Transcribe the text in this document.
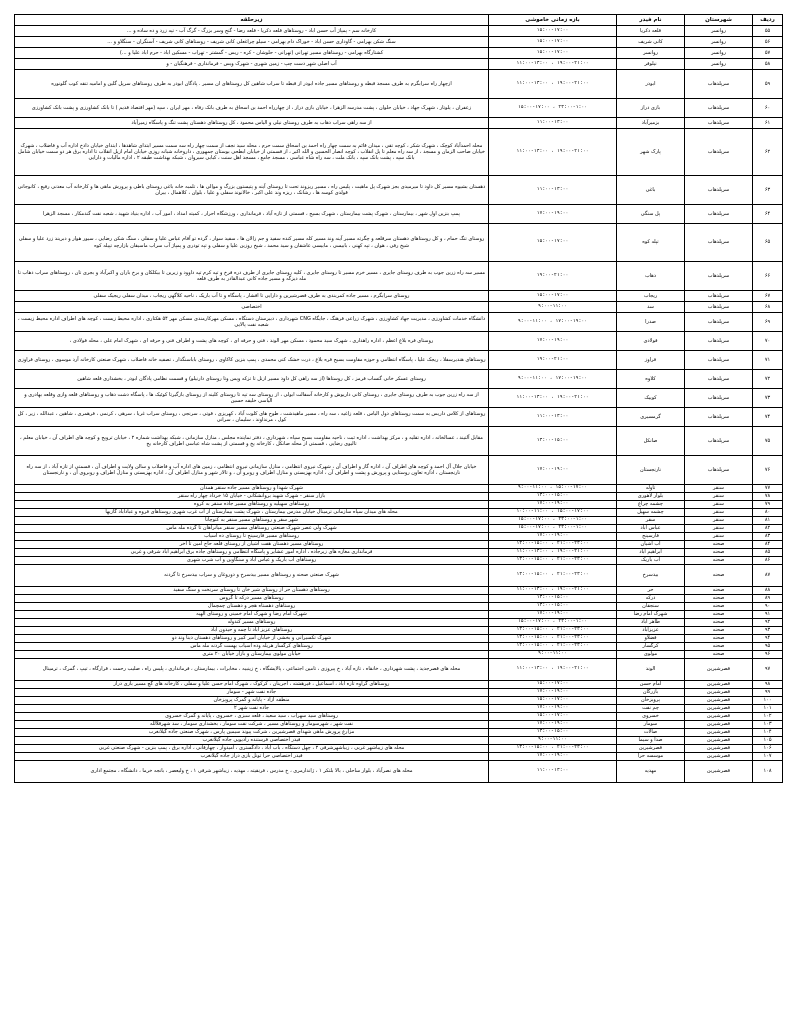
ردیف	شهرستان	نام فیدر	بازه زمانی خاموشی	زیرحلقه
۵۵	روانسر	قلعه ذکریا	۱۵:۰۰-۱۷:۰۰	کارخانه سم - پمپاژ آب حسن اباد - روستاهای قلعه ذکریا - قلعه رضا - گنج وسر بزرگ - گرگ آب - تپه زرد و ده ساده و ...
۵۶	روانسر	کانی شریف	۱۵:۰۰-۱۷:۰۰	سنگ شکن بهرامی - گاوداری حسن اباد - خوراک دام بهرامی - سیلو چراغعلی کانی شریف - روستاهای کانی شریف - آسنگران - سنگلاو و ...
۵۷	روانسر	روانسر	۱۵:۰۰-۱۷:۰۰	کشتارگاه بهرامی - روستاهای مسیر تهرانی (تهرانی - حلوشان - کره - ریس - گمشتر - تهراب - مسکین اباد - حرم اباد علیا و ...)
۵۸	روانسر	نیلوفر	۱۱:۰۰-۱۳:۰۰ ، ۱۹:۰۰-۲۱:۰۰	آب اصلی شهر دست چپ - زمین شهری - شهرک ویس - فرمانداری - فرهنگیان - و
۵۹	سرپلذهاب	ابوذر	۱۱:۰۰-۱۳:۰۰ ، ۱۹:۰۰-۲۱:۰۰	ازچهار راه سرابگرم به طرف مسجد قبطه و روستاهای مسیر جاده ابوذر از قبطه تا سراب شاهین کل روستاهای ان مسیر . پادگان ابوذر به طرف روستاهای سرپل گلین و امامیه تنقه کوب گلونوره
۶۰	سرپلذهاب	بازی دراز	۱۵:۰۰-۱۷:۰۰ ، ۲۳:۰۰-۱:۰۰	زعفران ، یلوتار ، شهرک جهاد ، خیابان حلوان ، پشت مدرسه الزهرا ، خیابان بازی دراز ، از چهارراه احمد بن اسحاق به طرف بانک رفاه ، مهر ایران ، سپه (مهر اقتصاد قدیم ) تا بانک کشاورزی و پشت بانک کشاورزی
۶۱	سرپلذهاب	بزمیرآباد	۱۱:۰۰-۱۳:۰۰	از سه راهی سراب ذهاب به طرف روستای نیلی و الیاس محمود ، کل روستاهای دهستان پشت تنگ و پاسگاه زمیرآباد
۶۲	سرپلذهاب	پارک شهر	۱۱:۰۰-۱۳:۰۰ ، ۱۹:۰۰-۲۱:۰۰	محله احمدآباد کوچک ، شهرک شکر ، کوچه تقی ، میدان قائم به سمت چهار راه احمد بن اسحاق سمت حرم ، محله سید نجف از سمت چهار راه سه سمت مسیر ابتدای شاهدها ، ابتدای خیابان دادخ اداره آب و فاضلاب ، شهرک خیابان صاحب الزمان و مسجد ، از سه راه معلم تا پل انقلاب ، کوچه انصار الحسین و الله اکبر ، از قسمتی از خیابان ابطحی بوستان جمهوری ، داروخانه شبانه روزی خیابان امام ازپل انقلاب تا اداره برق هر دو سمت خیابان شامل بانک سپه ، پشت بانک سپه ، بانک ملت ، سه راه شاه عباسی ، مسجد جامع ، مسجد اهل سنت ، کبابی سیروان ، شبکه بهداشت طبقه ۲ ، اداره مالیات و دارایی
۶۳	سرپلذهاب	باغی	۱۱:۰۰-۱۳:۰۰	دهستان بشیوه مسیر کل داود تا میرمیدی بجز شهرک پل ماهیت ، پلیس راه ، مسیر ریزوند تحت تا روستای آینه و پتیستون بزرگ و موالی ها ، تلمبه خانه باغی روستای باطی و پرورش ماهی ها و کارخانه آب معدنی رفیع ، کانوجانی قولدی کوسه ها ، رشانک ، ریزه وند علی اکبر ، خالانوند سفلی و علیا ، بلوان ، کلاهمال ، بیران
۶۴	سرپلذهاب	پل سنگی	۱۷:۰۰-۱۹:۰۰	پمپ بنزین اول شهر ، بیمارستان ، شهرک پشت بیمارستان ، شهرک بسیج ، قسمتی از تازه آباد ، فرمانداری ، ورزشگاه احرار ، کمیته امداد ، امور آب ، اداره بنیاد شهید ، شعبه نفت گندمکار ، مسجد الزهرا
۶۵	سرپلذهاب	تپله کوه	۱۵:۰۰-۱۷:۰۰	روستای تنگ حمام ، و کل روستاهای دهستان سرقلعه و چگرته مسیر آینه وند مسیر کله مسیر کنده سفید و جم زالان ها ، سفید سوار ، گرده تو آفام عباس علیا و سفلی ، سنگ شکن رضایی ، سیور هوار و دبریند زرد علیا و سفلی شیخ رفی ، هوان ، تپه کهنی ، بابیسی ، مابیسی عاشقان و سید محمد ، شیخ روزبن علیا و سفلی و تپه تودری و پمپاژ آب سراب ماسیقان بازارچه تپیله کوه
۶۶	سرپلذهاب	ذهاب	۱۹:۰۰-۲۱:۰۰	مسیر سه راه زرین جوب به طرف روستای جایری ، مسیر خرم مسیر تا روستای جایری ، کلیه روستای جایری از طرف دره فرخ و تپه کرم تپه داوود و زیرین تا بیکلکان و برخ باران و اکبرآباد و بجری تان ، روستاهای سراب ذهاب تا مله دیزگه و مسیر جاده کانی عبدالقادر به طرف قلعه
۶۷	سرپلذهاب	ریجاب	۱۵:۰۰-۱۷:۰۰	روستای سرابگرم ، مسیر جاده کمربندی به طرف قصرشیرین و دارایی تا افشار ، پاسگاه و تا آب باریک ، ناحیه کلاگهی ریجاب ، میدان سفلی ریجیک سفلی
۶۸	سرپلذهاب	سد	۹:۰۰-۱۱:۰۰	اختصاصی
۶۹	سرپلذهاب	صدرا	۹:۰۰-۱۱:۰۰ ، ۱۷:۰۰-۱۹:۰۰	دانشگاه خدمات کشاورزی ، مدیریت جهاد کشاورزی ، شهرک زراعی فرهنگ ، جایگاه CNG شهرداری ، دبیرستان دستگاه ، مسکن مهرکارمندی مسکن مهر ۵۴ هکتاری ، اداره محیط زیست ، کوچه های اطراف اداره محیط زیست ، شعبه نفت پالایی
۷۰	سرپلذهاب	فولادی	۱۷:۰۰-۱۹:۰۰	روستای فره بلاغ اعظم ، اداره راهداری ، شهرک سید محمود ، مسکن مهر الوند ، فنی و حرفه ای ، کوچه های پشت و اطراف فنی و حرفه ای ، شهرک امام علی ، محله فولادی ،
۷۱	سرپلذهاب	فراوز	۱۹:۰۰-۲۱:۰۰	روستاهای هندیرسفلا ، ریجک علیا ، پاسگاه انتظامی و حوزه مقاومت بسیج فره بلاغ ، درت خشک کنی محمدی ، پمپ بنزین کاکاوی ، روستای باباسنگدار ، تصفیه خانه فاضلاب ، شهرک صنعتی کارخانه آرد موسوی ، روستای فراوزی
۷۲	سرپلذهاب	کلاوه	۹:۰۰-۱۱:۰۰ ، ۱۷:۰۰-۱۹:۰۰	روستای عسکر خانی گنساب فرمز ، کل روستاها (از سه راهی کل داود مسیر ازنل تا تزکه ویس وتا روستای دارنیلو) و قسمت نظامی پادگان ابوذر ، بخشداری قلعه شاهین
۷۳	سرپلذهاب	کوییک	۱۱:۰۰-۱۳:۰۰ ، ۱۹:۰۰-۲۱:۰۰	از سه راه زرین جوب به طرف روستای جایری ، روستای کانی داریوش و کارخانه آسفالت ابولی ، از روستای سه تپه تا روستای کلینه از روستای بازگیرتا کوئیک ها ، پاسگاه دشت ذهاب و روستاهای قلعه وازی وقلعه بهادری و الیاسی خلیفه حسین
۷۴	سرپلذهاب	گرمسیری	۱۱:۰۰-۱۳:۰۰	روستاهای از کلاس داریس به سمت روستاهای دول الیاس ، قلعه زاغیه ، سه راه ، مسیر ماهیدشت ، طوح های کلوت آباد ، کهریزی ، قوتی ، سرنجی ، روستای سراب غربا ، سرهی ، کرنمی ، فرهمری ، شاهین ، عبدالله ، زیر ، کل کول ، مرنداوند ، سلیمان ، سرانی
۷۵	سرپلذهاب	صانکل	۱۳:۰۰-۱۵:۰۰	مقابل آلتیند ، عسالخانه ، اداره تقلیه و ، مرکز بهداشت ، اداره ثبت ، ناحیه مقاومت بسیج سپاه ، شهرداری ، دفتر نماینده مجلس ، منازل سازمانی ، شبکه بهداشت شماره ۲ ، خیابان ترویج و کوچه های اطراف آن ، خیابان معلم ، تالیوی رضایی ، قسمتی از محله صانکل ، کارخانه یخ و قسمتی از پشت شاه عباسی اطراف کارخانه یخ
۷۶	سرپلذهاب	نارنجستان	۱۷:۰۰-۱۹:۰۰	خیابان جلال آل احمد و کوچه های اطراف آن ، اداره گاز و اطراف آن ، شهرک نیروی انتظامی ، منازل سازمانی نیروی انتظامی ، زمین های اداره آب و فاضلاب و سالن ولایت و اطراف آن ، قسمتی از تازه آباد ، از سه راه نارنجستان ، اداره تعاون روستایی و پرورش و پشت و اطراف آن ، اداره بهزیستی و منازل اطراف و روبرو آن ، و تالار شهر و منازل اطراف آن ، اداره بهزیستی و منازل اطراف و روبروی آن ، و نارنجستان
۷۷	سنقر	تاوله	۹:۰۰-۱۱:۰۰ ، ۱۵:۰۰-۱۷:۰۰	شهرک شهدا و روستاهای مسیر جاده سنقر همدان
۷۸	سنقر	بلوار لاهوری	۱۳:۰۰-۱۵:۰۰	بازار سنقر - شهرک شهید بروانشکانی - خیابان ۱۵ خرداد چهار راه سنقر
۷۹	سنقر	چشمه چراغ	۱۷:۰۰-۱۹:۰۰	روستاهای سهیلیه و روستاهای مسیر جاده سنقر به کروه
۸۰	سنقر	چشمه سهیل	۱۰:۰۰-۱۱:۰۰ ، ۱۵:۰۰-۱۷:۰۰	محله های میدان سپاه سازمانی ترمینال خیابان مدرس بیمارستان ، شهرک پشت بیمارستان از آب غرب شهری روستاهای فروه و عبادآباد گازیها
۸۱	سنقر	سقر	۱۵:۰۰-۱۷:۰۰ ، ۲۳:۰۰-۱:۰۰	شهر سقر و روستاهای مسیر سنقر به کنوچانا
۸۲	سنقر	عباس آباد	۱۵:۰۰-۱۷:۰۰ ، ۲۳:۰۰-۱:۰۰	شهرک ولی عصر شهرک صنعتی روستاهای مسیر سنقر میانراهان تا گرده مله ماس
۸۳	سنقر	فارسینج	۱۷:۰۰-۱۹:۰۰	روستاهای مسیر فارسینج تا روستای ده آسیاب
۸۴	صحنه	آب آشیان	۱۳:۰۰-۱۵:۰۰ ، ۲۱:۰۰-۲۳:۰۰	روستاهای مسیر دهستان هفت آشیان از روستای قلعه حاج امین تا آخر
۸۵	صحنه	ابراهیم آباد	۱۱:۰۰-۱۳:۰۰ ، ۱۹:۰۰-۲۱:۰۰	فرمانداری مغازه های زیرجاده ، اداره امور عشایر و پاسگاه انتظامی و روستاهای جاده برق ابراهیم اباد شرقی و غربی
۸۶	صحنه	آب باریک	۱۳:۰۰-۱۵:۰۰ ، ۲۱:۰۰-۲۳:۰۰	روستاهای آب باریک و عباس اباد و سنگاوین و آب شرب شهری
۸۷	صحنه	بیدسرخ	۱۳:۰۰-۱۵:۰۰ ، ۲۱:۰۰-۲۳:۰۰	شهرک صنعتی صحنه و روستاهای مسیر بیدسرخ و دوروغان و سراب بیدسرخ تا گردنه
۸۸	صحنه	حر	۱۱:۰۰-۱۳:۰۰ ، ۱۹:۰۰-۲۱:۰۰	روستاهای دهستان حر از روستای شیر خان تا روستای سرنخت و سنگ سفید
۸۹	صحنه	درکه	۱۳:۰۰-۱۵:۰۰	روستاهای مسیر درکه تا گروس
۹۰	صحنه	سنجقان	۱۳:۰۰-۱۵:۰۰	روستاهای دهستاه هجر و دهستان چمچمال
۹۱	صحنه	شهرک امام رضا	۱۷:۰۰-۱۹:۰۰	شهرک امام رضا و شهرک امام خمینی و روستای الهیه
۹۲	صحنه	طاهر آباد	۱۵:۰۰-۱۷:۰۰ ، ۲۳:۰۰-۱:۰۰	روستاهای مسیر کندوله
۹۳	صحنه	عزیزآباد	۱۳:۰۰-۱۵:۰۰ ، ۲۱:۰۰-۲۳:۰۰	روستاهای عزیز اباد تا چمه و حیدون اباد
۹۴	صحنه	فضلاو	۱۳:۰۰-۱۵:۰۰ ، ۲۱:۰۰-۲۳:۰۰	شهرک تکسیرانی و بخشی از خیابان امیر کبیر و روستاهای دهستان دینا وند دو
۹۵	صحنه	کرگسار	۱۳:۰۰-۱۵:۰۰ ، ۲۱:۰۰-۲۳:۰۰	روستاهای کرگسار هریله وده اسیاب بهست گردنه مله ماس
۹۶	صحنه	مولوی	۹:۰۰-۱۱:۰۰	خیابان مولوی بیمارستان و بازار خیابان ۲۰ متری
۹۷	قصرشیرین	الوند	۱۱:۰۰-۱۳:۰۰ ، ۱۹:۰۰-۲۱:۰۰	محله های قصرجدید ، پشت شهرداری ، خانقاه ، تازه آباد ، خ پیروزی ، تامین اجتماعی ، پالایشگاه ، خ زینبیه ، مخابرات ، بیمارستان ، فرمانداری ، پلیس راه ، صلیب رحمت ، قرارگاه ، تیپ ، گمرک ، ترمینال
۹۸	قصرشیرین	امام حسن	۱۵:۰۰-۱۷:۰۰	روستاهای گراوه تازه آباد ، اسماعیل ، فیرهشته ، اجرینان ، کرکوک ، شهرک امام حسن علیا و سفلی ، کارخانه های گچ مسیر بازی دراز
۹۹	قصرشیرین	بازرگان	۱۷:۰۰-۱۹:۰۰	جاده نفت شهر - سومار
۱۰۰	قصرشیرین	پرویزخان	۱۵:۰۰-۱۷:۰۰	منطقه آزاد - پایانه و گمرک پرویزخان
۱۰۱	قصرشیرین	چم نفت	۱۷:۰۰-۱۹:۰۰	جاده نفت شهر ۲
۱۰۲	قصرشیرین	خسروی	۱۵:۰۰-۱۷:۰۰	روستاهای سید سهراب ، سید سعید ، قلعه سبزی ، خسروی ، پایانه و گمرک خسروی
۱۰۳	قصرشیرین	سومار	۱۷:۰۰-۱۹:۰۰	نفت شهر ، شهرسومار و روستاهای مسیر ، شرکت نفت سومار ، بخشداری سومار ، سد شهرقلالله
۱۰۴	قصرشیرین	صالات	۱۳:۰۰-۱۵:۰۰	مزارع پرورش ماهی شهدای قصرشیرین ، شرکت پیوند سیمین پارس ، شهرک صنعتی جاده گیلانغرب
۱۰۵	قصرشیرین	صدا و سیما	۹:۰۰-۱۱:۰۰	فیدر اختصاصی فرستنده رادیویی جاده گیلانغرب
۱۰۶	قصرشیرین	قصرشیرین	۱۳:۰۰-۱۵:۰۰ ، ۲۱:۰۰-۲۳:۰۰	محله های زیباشهر غربی ، زیباشهرشرقی ۲ ، چهل دستگاه ، باب آباد ، دادگستری ، امیدوار ، چهارفانی ، اداره برق ، پمپ بنزین - شهرک صنعتی غربی
۱۰۷	قصرشیرین	موسسه حرا	۱۷:۰۰-۱۹:۰۰	فیدر اختصاصی حرا تونل بازی دراز جاده گیلانغرب
۱۰۸	قصرشیرین	مهدیه	۱۱:۰۰-۱۳:۰۰	محله های نصرآباد ، بلوار ساحلی ، بالا بلتکر ۱ ، ژاندارمری ، خ مدرس ، فرنقیته ، مهدیه ، زیباشهر شرقی ۱ ، خ ولیعصر ، بانجه خرما ، دانشگاه ، مجتمع اداری
